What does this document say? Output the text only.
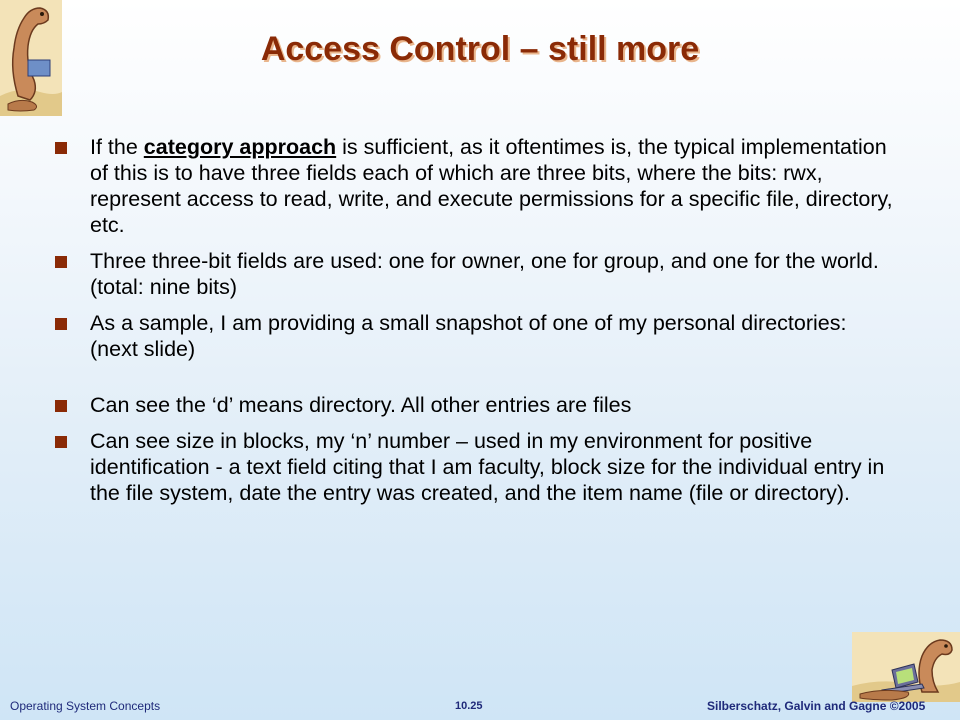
Access Control – still more
If the category approach is sufficient, as it oftentimes is, the typical implementation of this is to have three fields each of which are three bits, where the bits: rwx, represent access to read, write, and execute permissions for a specific file, directory, etc.
Three three-bit fields are used: one for owner, one for group, and one for the world. (total: nine bits)
As a sample, I am providing a small snapshot of one of my personal directories: (next slide)
Can see the ‘d’ means directory. All other entries are files
Can see size in blocks, my ‘n’ number – used in my environment for positive identification - a text field citing that I am faculty, block size for the individual entry in the file system, date the entry was created, and the item name (file or directory).
Operating System Concepts	10.25	Silberschatz, Galvin and Gagne ©2005
